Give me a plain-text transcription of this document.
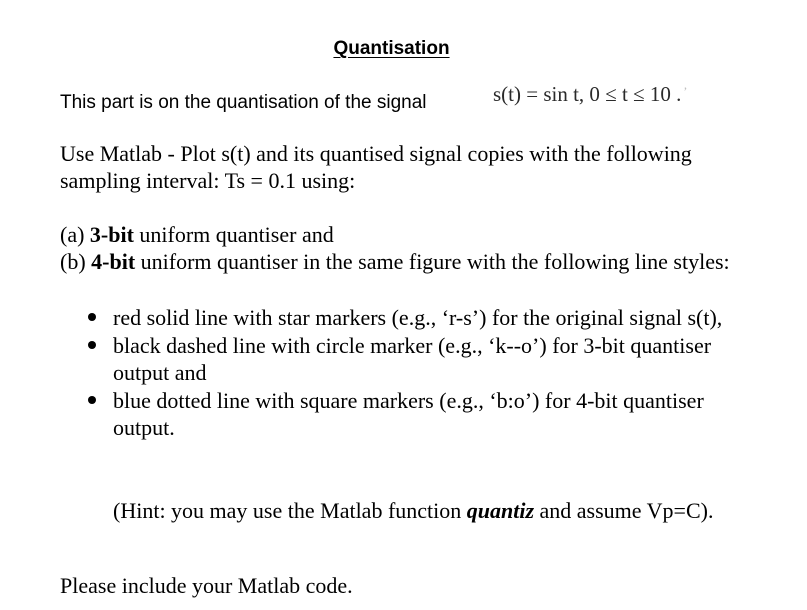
Quantisation
This part is on the quantisation of the signal	s(t) = sin t, 0 ≤ t ≤ 10 . ’

Use Matlab - Plot s(t) and its quantised signal copies with the following sampling interval: Ts = 0.1 using:

(a) 3-bit uniform quantiser and

(b) 4-bit uniform quantiser in the same figure with the following line styles:

red solid line with star markers (e.g., ‘r-s’) for the original signal s(t),
black dashed line with circle marker (e.g., ‘k--o’) for 3-bit quantiser output and
blue dotted line with square markers (e.g., ‘b:o’) for 4-bit quantiser output.

(Hint: you may use the Matlab function quantiz and assume Vp=C).

Please include your Matlab code.
